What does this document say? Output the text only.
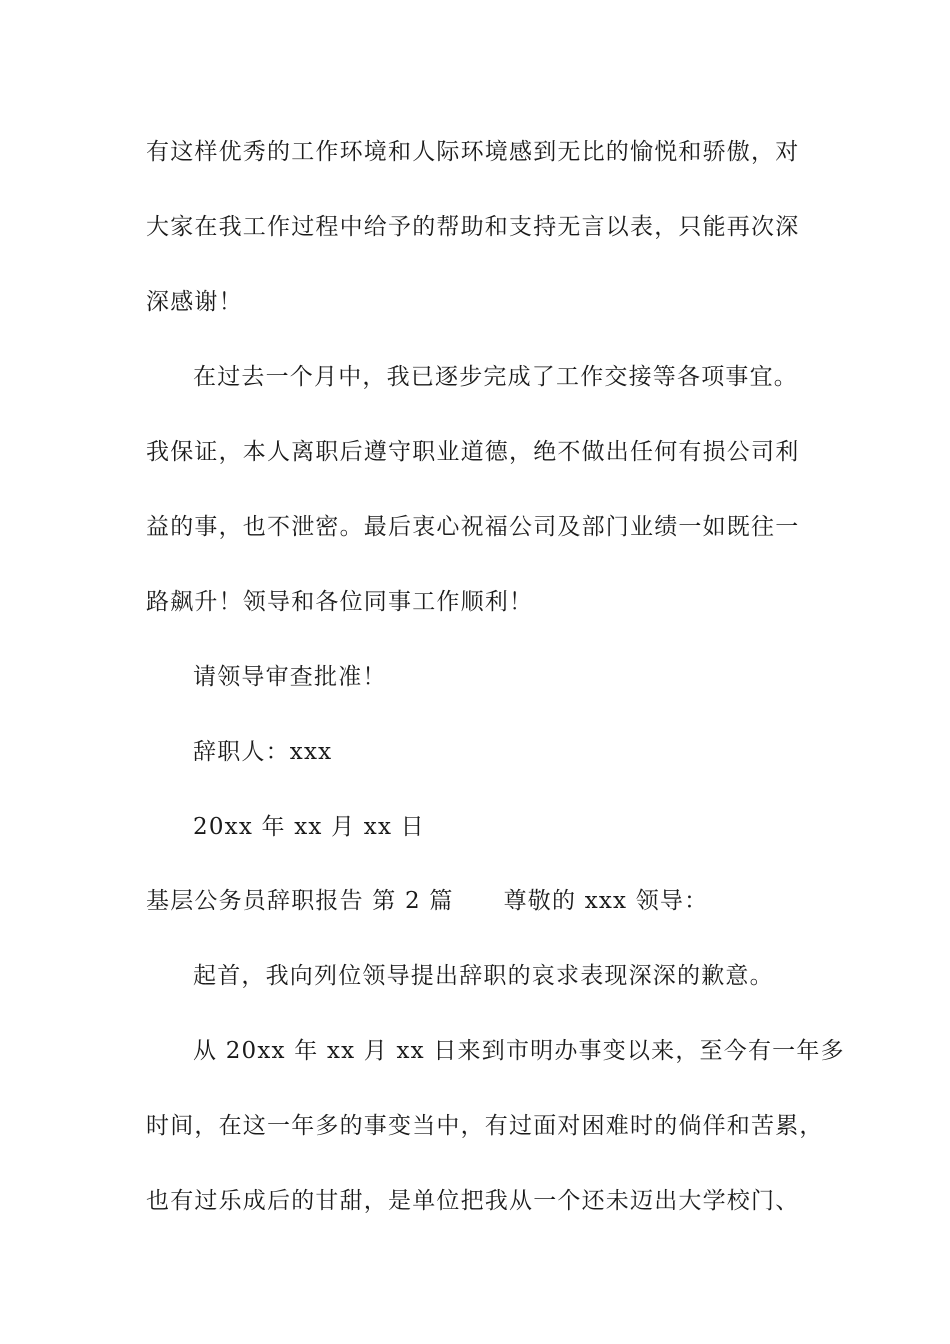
有这样优秀的工作环境和人际环境感到无比的愉悦和骄傲，对
大家在我工作过程中给予的帮助和支持无言以表，只能再次深
深感谢！
在过去一个月中，我已逐步完成了工作交接等各项事宜。
我保证，本人离职后遵守职业道德，绝不做出任何有损公司利
益的事，也不泄密。最后衷心祝福公司及部门业绩一如既往一
路飙升！领导和各位同事工作顺利！
请领导审查批准！
辞职人：xxx
20xx 年 xx 月 xx 日
基层公务员辞职报告 第 2 篇 尊敬的 xxx 领导：
起首，我向列位领导提出辞职的哀求表现深深的歉意。
从 20xx 年 xx 月 xx 日来到市明办事变以来，至今有一年多
时间，在这一年多的事变当中，有过面对困难时的倘佯和苦累，
也有过乐成后的甘甜，是单位把我从一个还未迈出大学校门、
